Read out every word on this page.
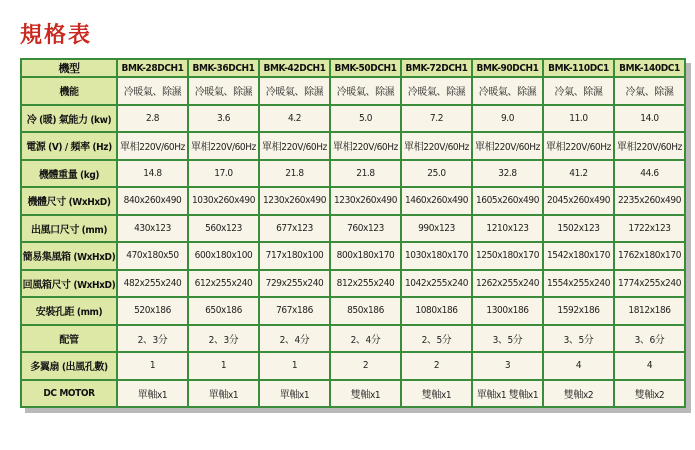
規格表
機型	BMK-28DCH1	BMK-36DCH1	BMK-42DCH1	BMK-50DCH1	BMK-72DCH1	BMK-90DCH1	BMK-110DC1	BMK-140DC1
機能	冷暖氣、除濕	冷暖氣、除濕	冷暖氣、除濕	冷暖氣、除濕	冷暖氣、除濕	冷暖氣、除濕	冷氣、除濕	冷氣、除濕
冷 (暖) 氣能力 (kw)	2.8	3.6	4.2	5.0	7.2	9.0	11.0	14.0
電源 (V) / 頻率 (Hz)	單相220V/60Hz	單相220V/60Hz	單相220V/60Hz	單相220V/60Hz	單相220V/60Hz	單相220V/60Hz	單相220V/60Hz	單相220V/60Hz
機體重量 (kg)	14.8	17.0	21.8	21.8	25.0	32.8	41.2	44.6
機體尺寸 (WxHxD)	840x260x490	1030x260x490	1230x260x490	1230x260x490	1460x260x490	1605x260x490	2045x260x490	2235x260x490
出風口尺寸 (mm)	430x123	560x123	677x123	760x123	990x123	1210x123	1502x123	1722x123
簡易集風箱 (WxHxD)	470x180x50	600x180x100	717x180x100	800x180x170	1030x180x170	1250x180x170	1542x180x170	1762x180x170
回風箱尺寸 (WxHxD)	482x255x240	612x255x240	729x255x240	812x255x240	1042x255x240	1262x255x240	1554x255x240	1774x255x240
安裝孔距 (mm)	520x186	650x186	767x186	850x186	1080x186	1300x186	1592x186	1812x186
配管	2、3分	2、3分	2、4分	2、4分	2、5分	3、5分	3、5分	3、6分
多翼扇 (出風孔數)	1	1	1	2	2	3	4	4
DC MOTOR	單軸x1	單軸x1	單軸x1	雙軸x1	雙軸x1	單軸x1 雙軸x1	雙軸x2	雙軸x2
